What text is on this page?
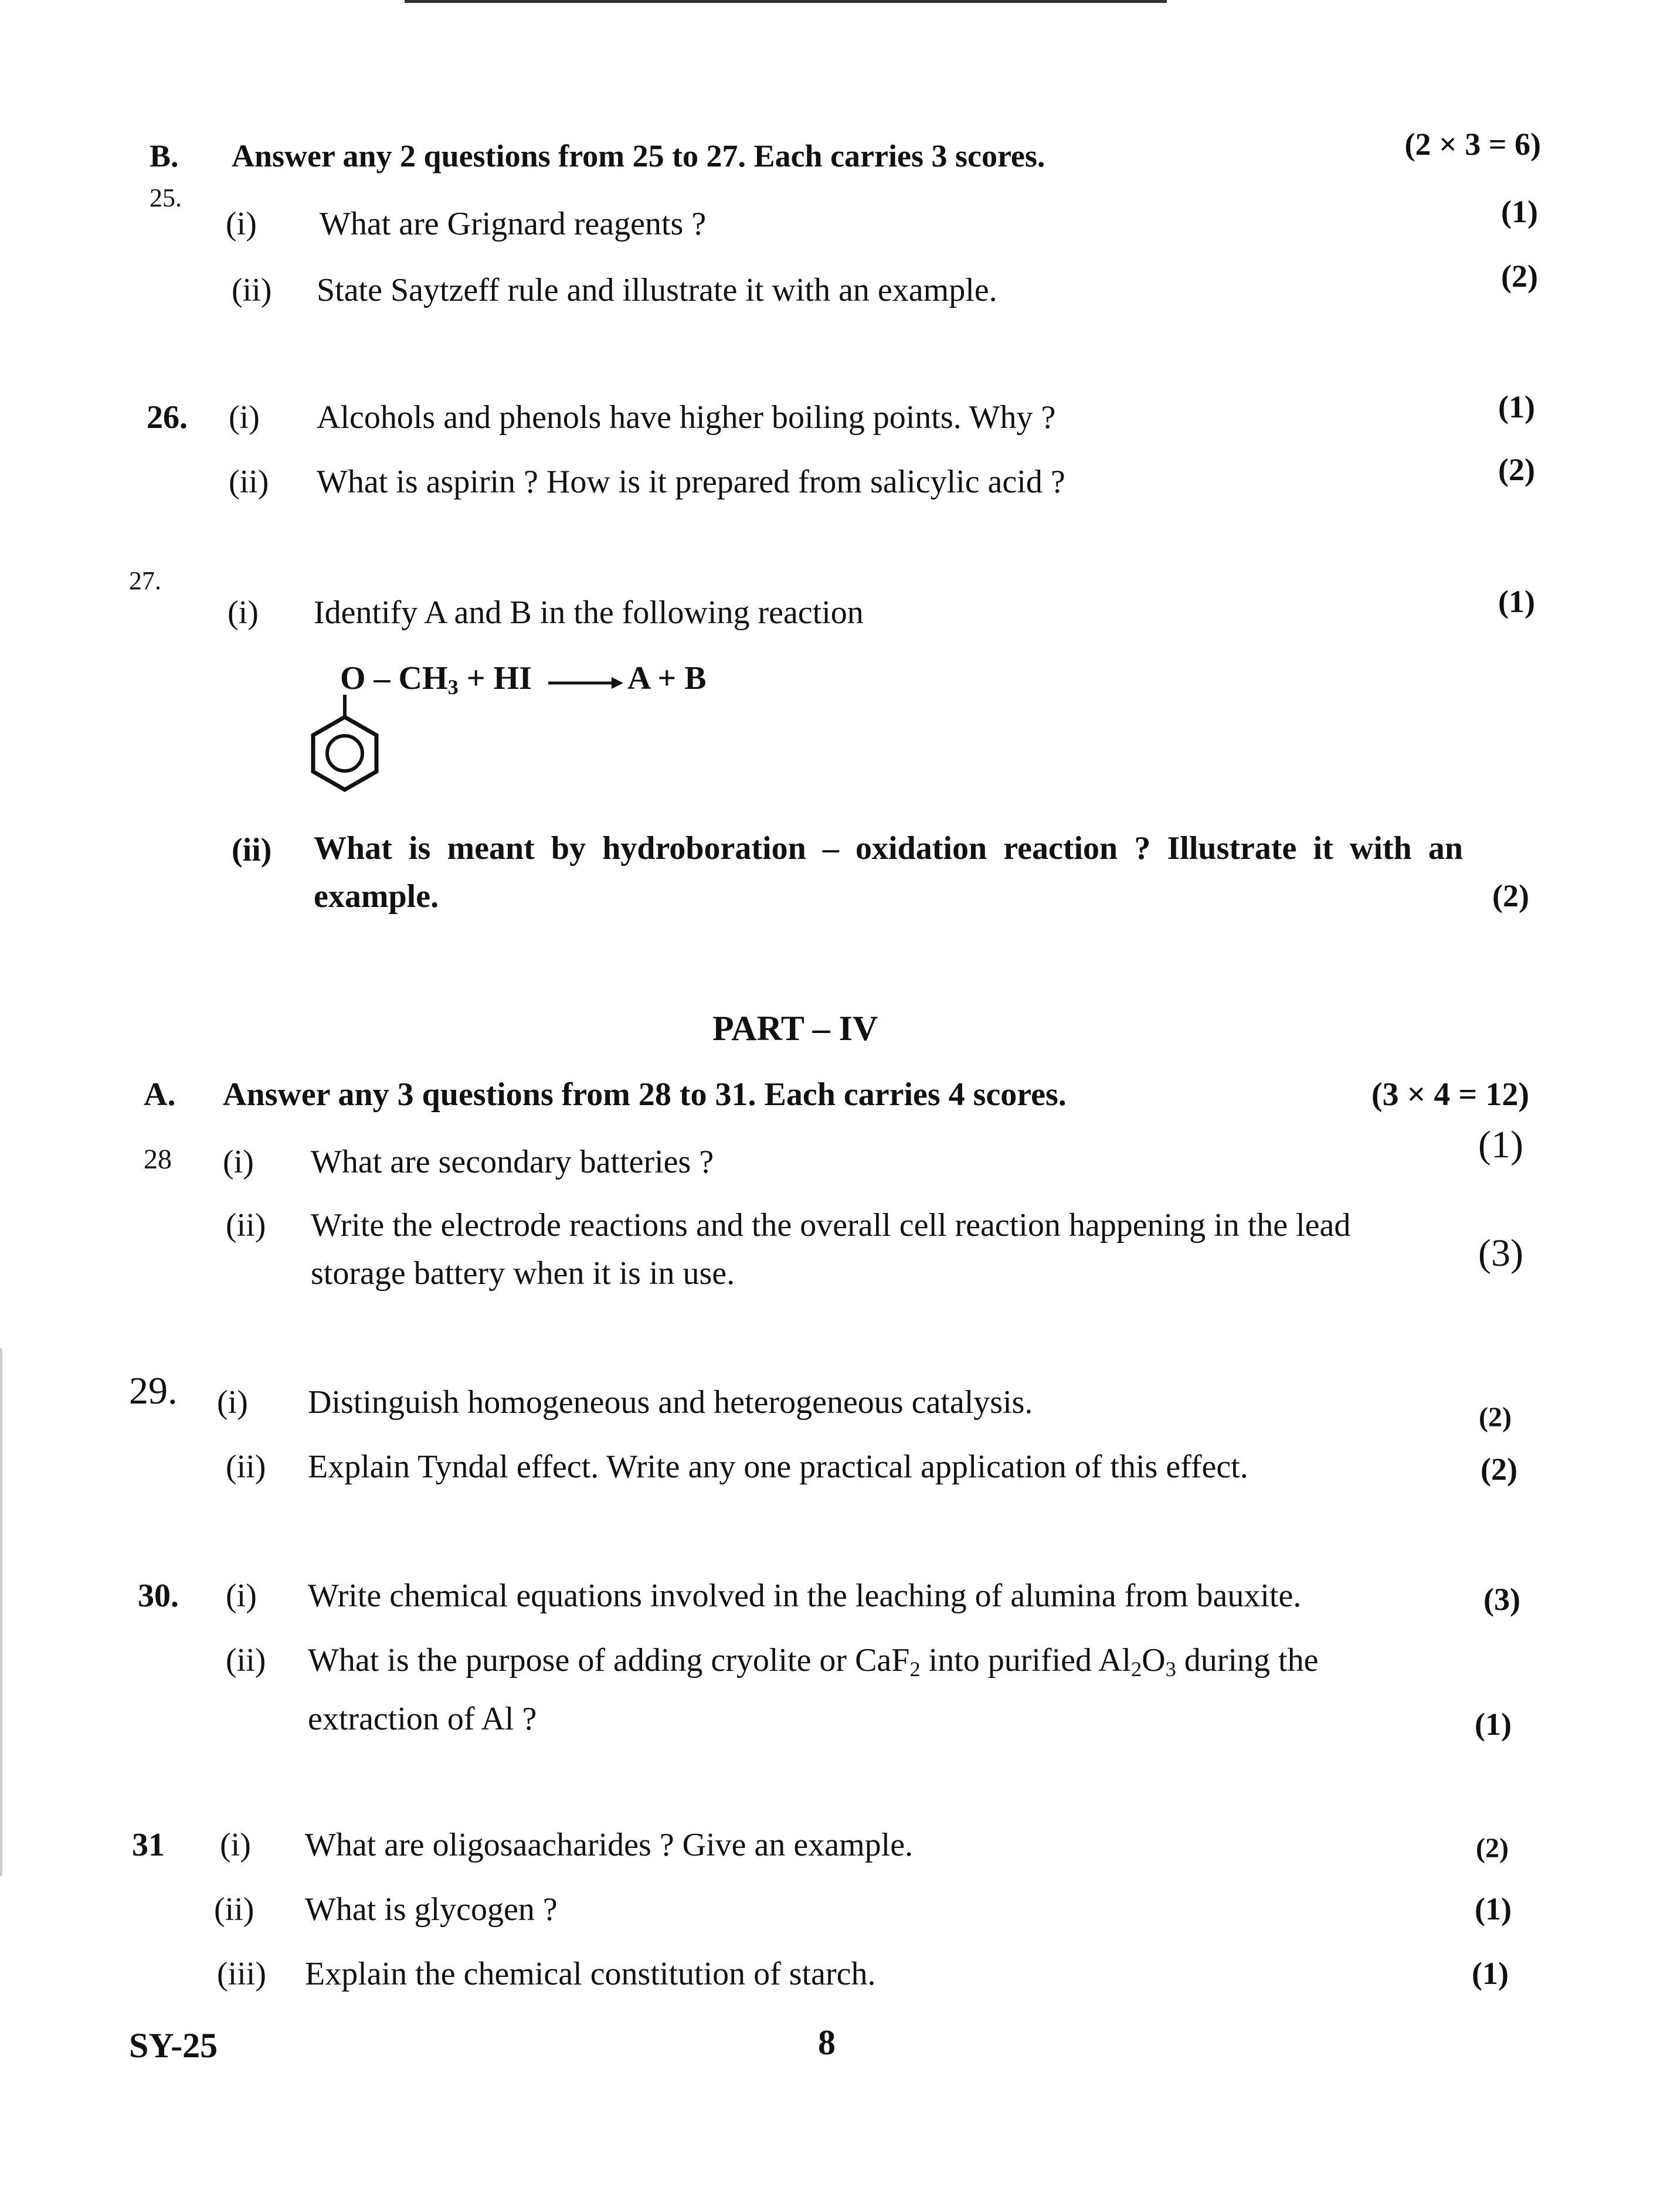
B. Answer any 2 questions from 25 to 27. Each carries 3 scores.	(2 × 3 = 6)
25.
(i) What are Grignard reagents ?	(1)
(ii) State Saytzeff rule and illustrate it with an example.	(2)
26. (i) Alcohols and phenols have higher boiling points. Why ?	(1)
(ii) What is aspirin ? How is it prepared from salicylic acid ?	(2)
27.
(i) Identify A and B in the following reaction	(1)
O – $CH_3$ + HI	A + B
(ii) What is meant by hydroboration – oxidation reaction ? Illustrate it with an
example.	(2)
PART – IV
A. Answer any 3 questions from 28 to 31. Each carries 4 scores.	(3 × 4 = 12)
28 (i) What are secondary batteries ?	(1)
(ii) Write the electrode reactions and the overall cell reaction happening in the lead
storage battery when it is in use.	(3)
29. (i) Distinguish homogeneous and heterogeneous catalysis.	(2)
(ii) Explain Tyndal effect. Write any one practical application of this effect.	(2)
30. (i) Write chemical equations involved in the leaching of alumina from bauxite.	(3)
(ii) What is the purpose of adding cryolite or CaF$_2$ into purified $Al_2O_3$ during the
extraction of Al ?	(1)
31 (i) What are oligosaacharides ? Give an example.	(2)
(ii) What is glycogen ?	(1)
(iii) Explain the chemical constitution of starch.	(1)
SY-25	8
